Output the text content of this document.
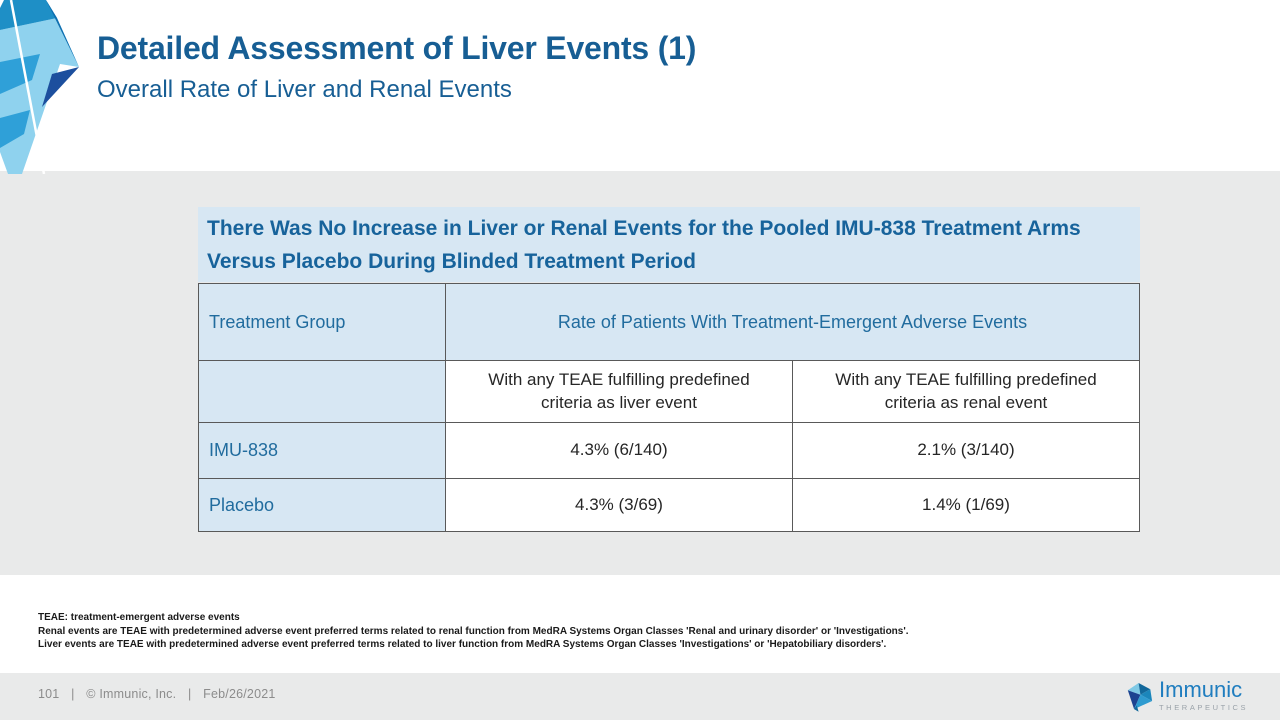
Detailed Assessment of Liver Events (1)
Overall Rate of Liver and Renal Events
There Was No Increase in Liver or Renal Events for the Pooled IMU-838 Treatment Arms Versus Placebo During Blinded Treatment Period
Treatment Group	Rate of Patients With Treatment-Emergent Adverse Events	
	With any TEAE fulfilling predefined criteria as liver event	With any TEAE fulfilling predefined criteria as renal event
IMU-838	4.3% (6/140)	2.1% (3/140)
Placebo	4.3% (3/69)	1.4% (1/69)
TEAE: treatment-emergent adverse events
Renal events are TEAE with predetermined adverse event preferred terms related to renal function from MedRA Systems Organ Classes 'Renal and urinary disorder' or 'Investigations'.
Liver events are TEAE with predetermined adverse event preferred terms related to liver function from MedRA Systems Organ Classes 'Investigations' or 'Hepatobiliary disorders'.
101 | © Immunic, Inc. | Feb/26/2021	Immunic
THERAPEUTICS
